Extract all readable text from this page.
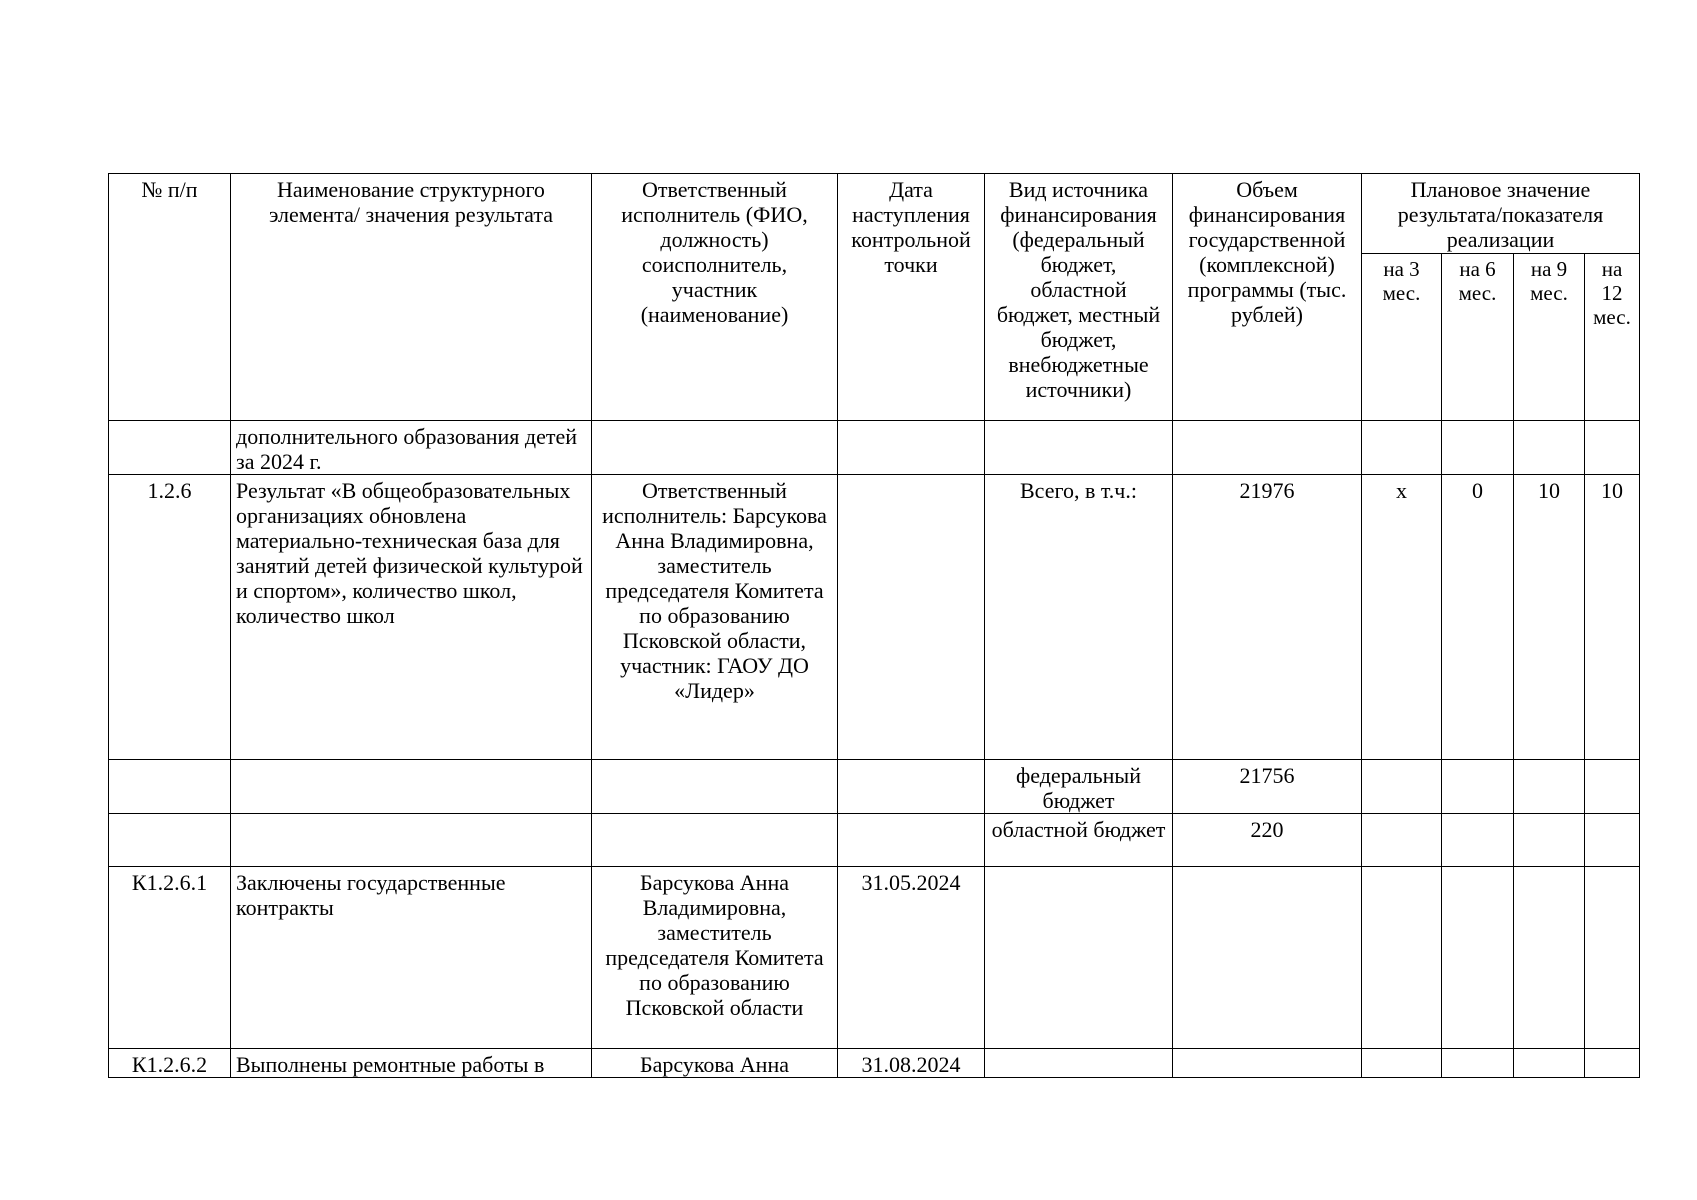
№ п/п	Наименование структурного элемента/ значения результата	Ответственный исполнитель (ФИО, должность) соисполнитель, участник (наименование)	Дата наступления контрольной точки	Вид источника финансирования (федеральный бюджет, областной бюджет, местный бюджет, внебюджетные источники)	Объем финансирования государственной (комплексной) программы (тыс. рублей)	Плановое значение результата/показателя реализации			
						на 3 мес.	на 6 мес.	на 9 мес.	на 12 мес.
	дополнительного образования детей за 2024 г.								
1.2.6	Результат «В общеобразовательных организациях обновлена материально-техническая база для занятий детей физической культурой и спортом», количество школ, количество школ	Ответственный исполнитель: Барсукова Анна Владимировна, заместитель председателя Комитета по образованию Псковской области, участник: ГАОУ ДО «Лидер»		Всего, в т.ч.:	21976	х	0	10	10
				федеральный бюджет	21756				
				областной бюджет	220				
К1.2.6.1	Заключены государственные контракты	Барсукова Анна Владимировна, заместитель председателя Комитета по образованию Псковской области	31.05.2024						
К1.2.6.2	Выполнены ремонтные работы в	Барсукова Анна	31.08.2024						
